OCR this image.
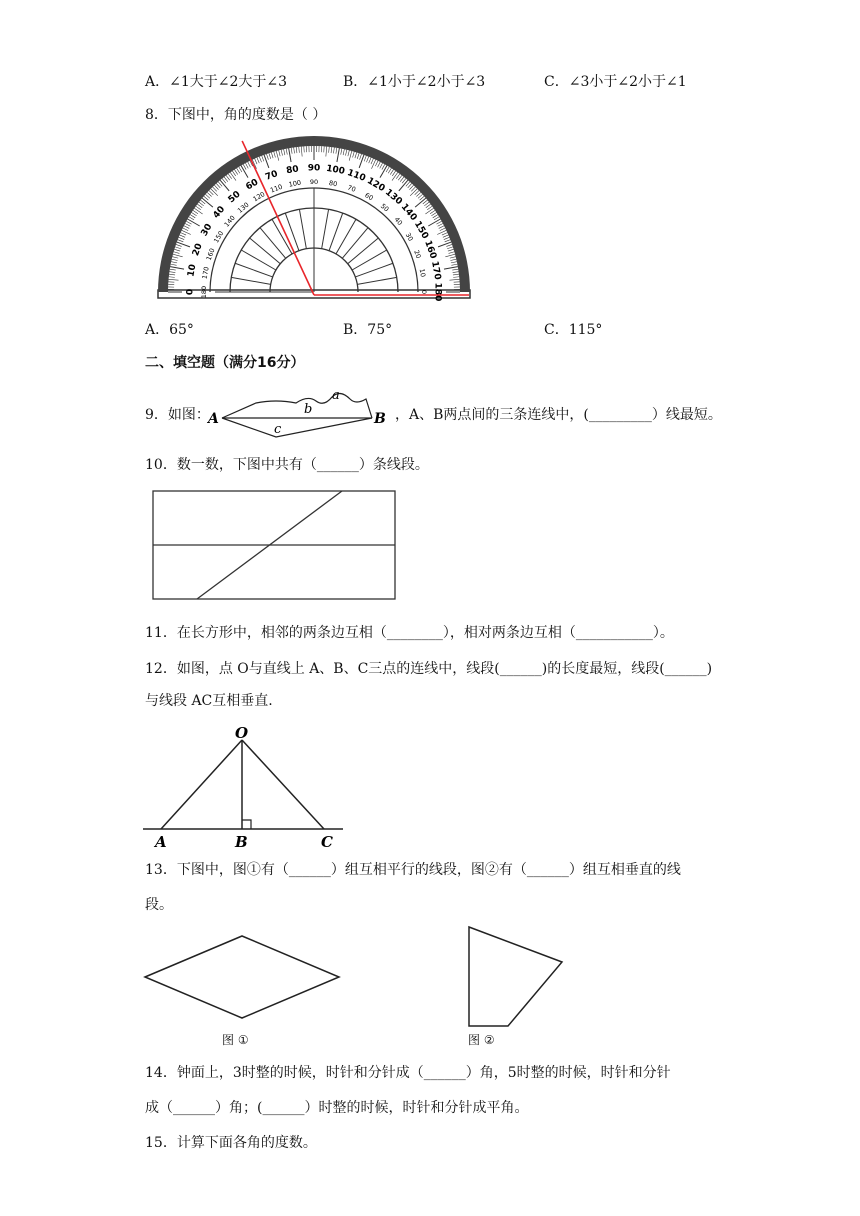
A．∠1大于∠2大于∠3	B．∠1小于∠2小于∠3	C．∠3小于∠2小于∠1
8．下图中，角的度数是（ ）
0 180
10 170
20 160
30
150
40
140
50
130
60
120
70
110
80
100
90
90
100
80 110
70 120
60 130
50 140
40 150
30
160
20
170
10
180
0
A．65°	B．75°	C．115°
二、填空题（满分16分）
9．如图：
A
a
b
c
B ，A、B两点间的三条连线中，(_________）线最短。
10．数一数，下图中共有（______）条线段。
11．在长方形中，相邻的两条边互相（________），相对两条边互相（___________）。
12．如图，点 O与直线上 A、B、C三点的连线中，线段(______)的长度最短，线段(______)
与线段 AC互相垂直.
O
A	B	C
13．下图中，图①有（______）组互相平行的线段，图②有（______）组互相垂直的线
段。
图 ①	图 ②
14．钟面上，3时整的时候，时针和分针成（______）角，5时整的时候，时针和分针
成（______）角；(______）时整的时候，时针和分针成平角。
15．计算下面各角的度数。
